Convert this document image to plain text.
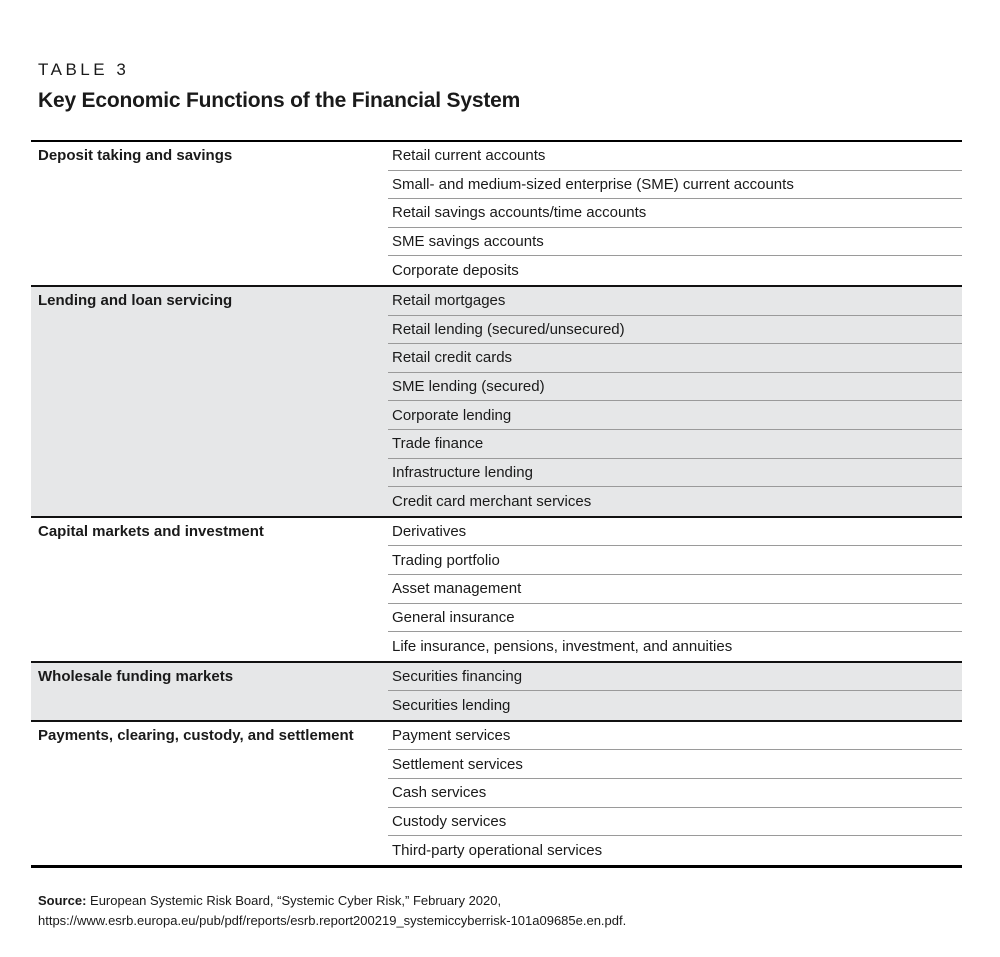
TABLE 3
Key Economic Functions of the Financial System
Deposit taking and savings	Retail current accounts
Small- and medium-sized enterprise (SME) current accounts
Retail savings accounts/time accounts
SME savings accounts
Corporate deposits
Lending and loan servicing	Retail mortgages
Retail lending (secured/unsecured)
Retail credit cards
SME lending (secured)
Corporate lending
Trade finance
Infrastructure lending
Credit card merchant services
Capital markets and investment	Derivatives
Trading portfolio
Asset management
General insurance
Life insurance, pensions, investment, and annuities
Wholesale funding markets	Securities financing
Securities lending
Payments, clearing, custody, and settlement	Payment services
Settlement services
Cash services
Custody services
Third-party operational services

Source: European Systemic Risk Board, “Systemic Cyber Risk,” February 2020, https://www.esrb.europa.eu/pub/pdf/reports/esrb.report200219_systemiccyberrisk-101a09685e.en.pdf.
